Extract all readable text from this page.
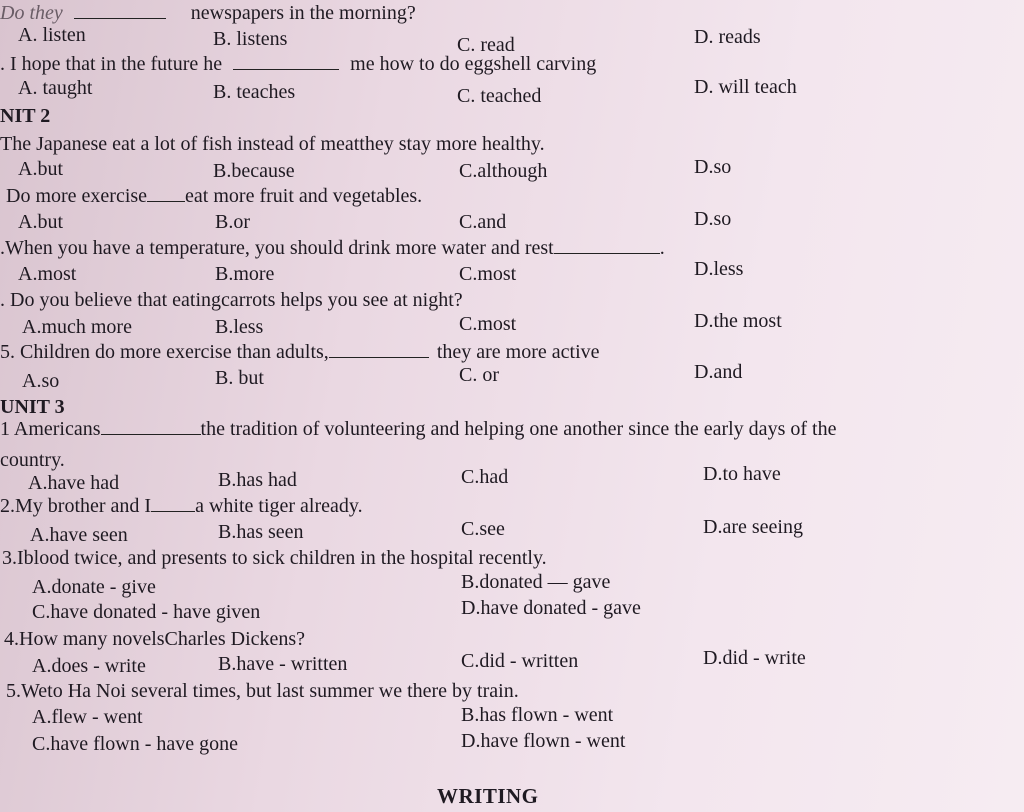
Do they	newspapers in the morning?
A. listen	B. listens	C. read	D. reads
. I hope that in the future he	me how to do eggshell carving
A. taught	B. teaches	C. teached	D. will teach
NIT 2
The Japanese eat a lot of fish instead of meatthey stay more healthy.
A.but	B.because	C.although	D.so
Do more exercise eat more fruit and vegetables.
A.but	B.or	C.and	D.so
.When you have a temperature, you should drink more water and rest	.
A.most	B.more	C.most	D.less
. Do you believe that eatingcarrots helps you see at night?
A.much more	B.less	C.most	D.the most
5. Children do more exercise than adults,	they are more active
A.so	B. but	C. or	D.and
UNIT 3
1 Americans	the tradition of volunteering and helping one another since the early days of the
country.
A.have had	B.has had	C.had	D.to have
2.My brother and I a white tiger already.
A.have seen	B.has seen	C.see	D.are seeing
3.Iblood twice, and presents to sick children in the hospital recently.
A.donate - give	B.donated — gave
C.have donated - have given	D.have donated - gave
4.How many novelsCharles Dickens?
A.does - write	B.have - written	C.did - written	D.did - write
5.Weto Ha Noi several times, but last summer we there by train.
A.flew - went	B.has flown - went
C.have flown - have gone	D.have flown - went
WRITING
